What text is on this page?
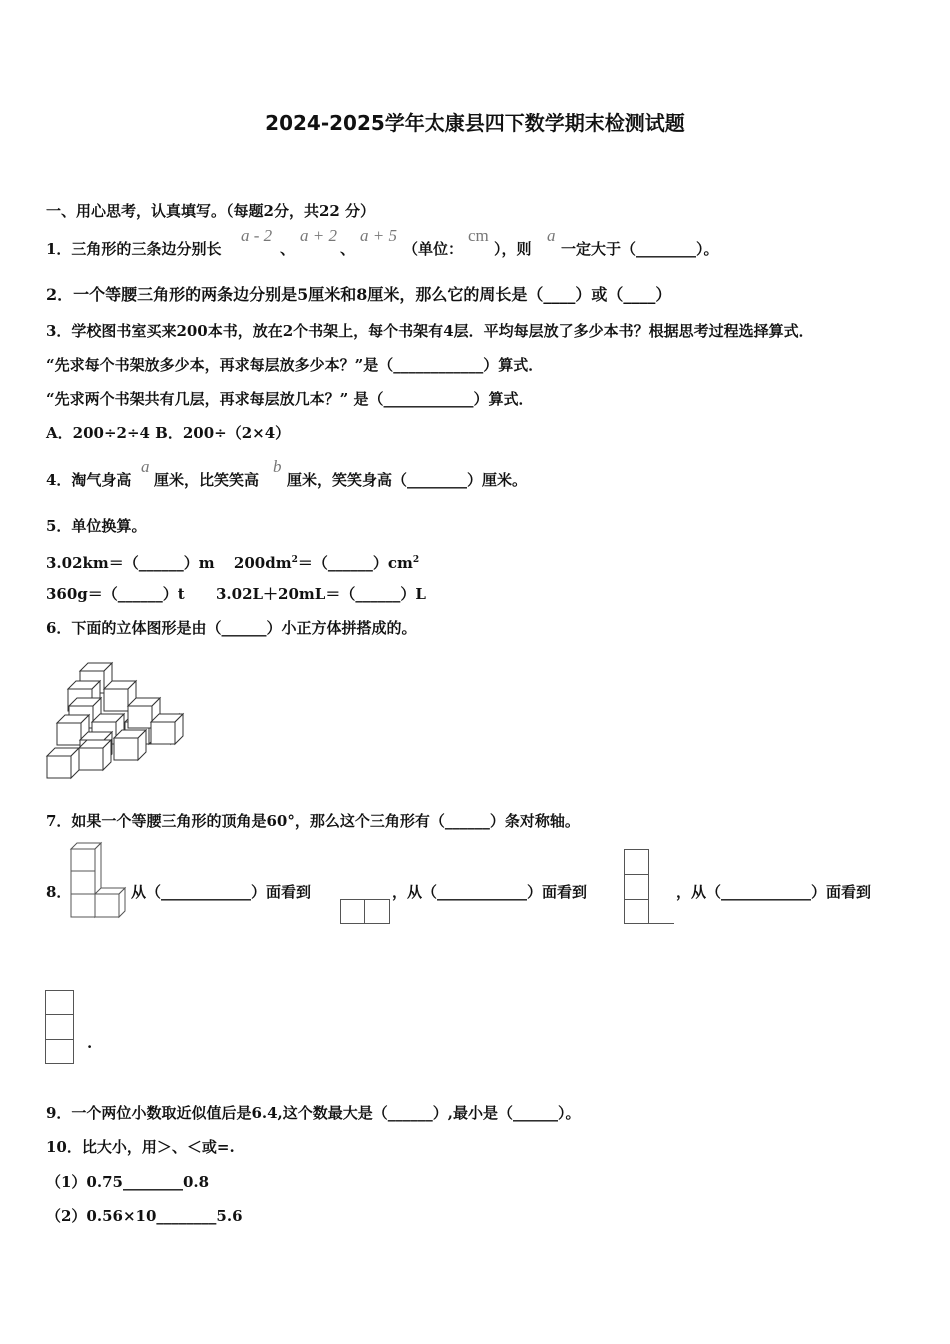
2024-2025学年太康县四下数学期末检测试题
一、用心思考，认真填写。（每题2分，共22 分）
1．三角形的三条边分别长
a - 2
、
a + 2
、
a + 5
（单位：
cm
），则
a
一定大于（________）。
2．一个等腰三角形的两条边分别是5厘米和8厘米，那么它的周长是（____）或（____）
3．学校图书室买来200本书，放在2个书架上，每个书架有4层．平均每层放了多少本书？根据思考过程选择算式．
“先求每个书架放多少本，再求每层放多少本？”是（____________）算式．
“先求两个书架共有几层，再求每层放几本？” 是（____________）算式．
A．200÷2÷4 B．200÷（2×4）
4．淘气身高
a
厘米，比笑笑高
b
厘米，笑笑身高（________）厘米。
5．单位换算。
3.02km＝（______）m $200dm^2=(\_\_\_\_\_\_)cm^2$
360g＝（______）t 3.02L＋20mL＝（______）L
6．下面的立体图形是由（______）小正方体拼搭成的。
7．如果一个等腰三角形的顶角是60°，那么这个三角形有（______）条对称轴。
8．	从（____________）面看到	，从（____________）面看到	，从（____________）面看到
.
9．一个两位小数取近似值后是6.4,这个数最大是（______）,最小是（______）。
10．比大小，用＞、＜或=.
（1）0.75________0.8
（2）0.56×10________5.6
